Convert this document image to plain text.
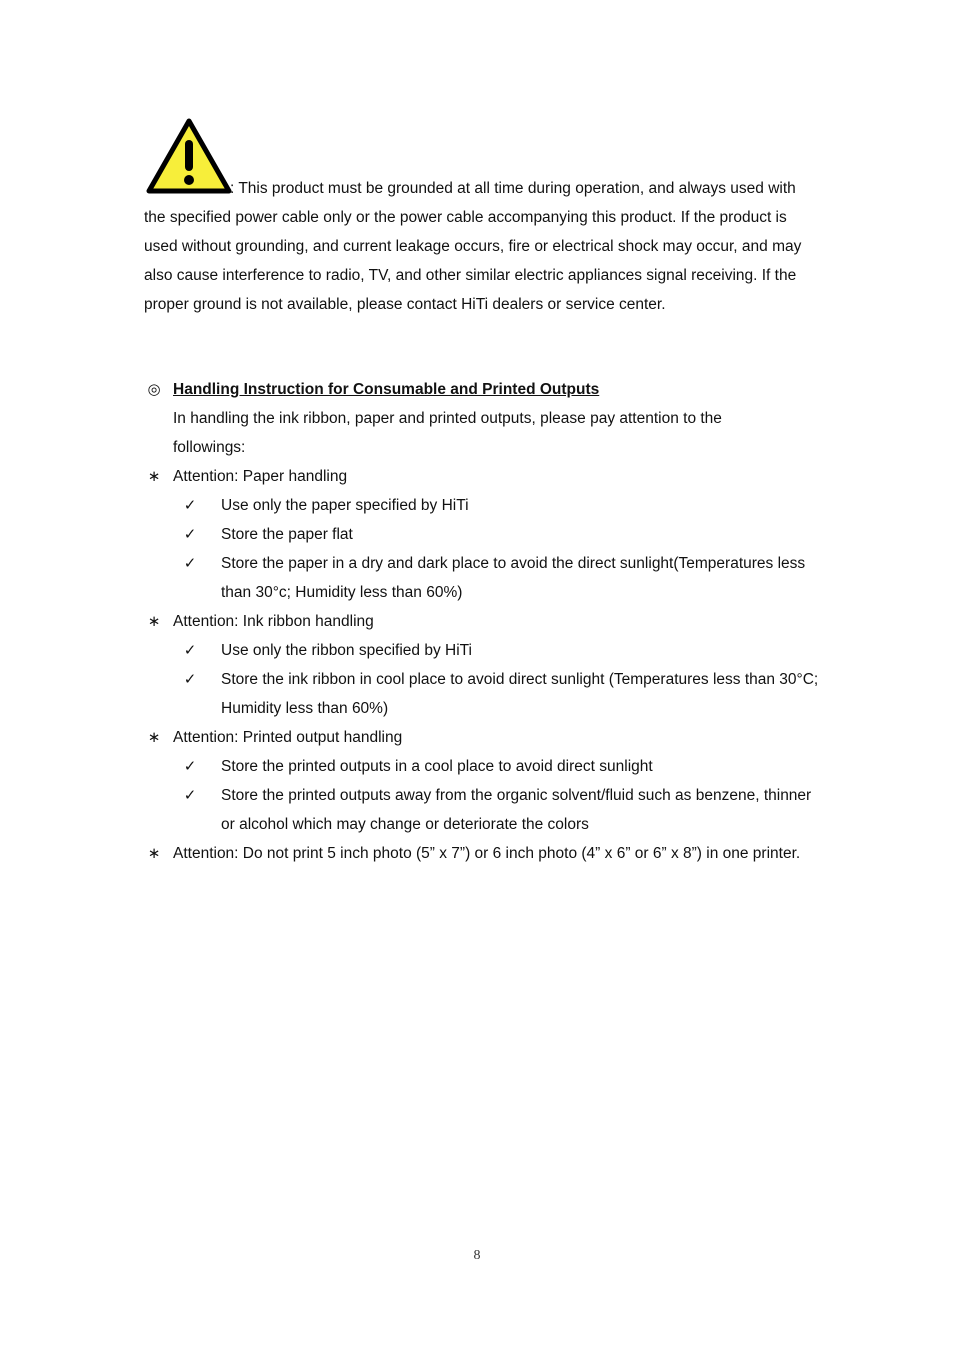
: This product must be grounded at all time during operation, and always used with the specified power cable only or the power cable accompanying this product. If the product is used without grounding, and current leakage occurs, fire or electrical shock may occur, and may also cause interference to radio, TV, and other similar electric appliances signal receiving. If the proper ground is not available, please contact HiTi dealers or service center.

◎ Handling Instruction for Consumable and Printed Outputs
In handling the ink ribbon, paper and printed outputs, please pay attention to the
followings:
∗ Attention: Paper handling
✓ Use only the paper specified by HiTi
✓ Store the paper flat
✓ Store the paper in a dry and dark place to avoid the direct sunlight(Temperatures less than 30°c; Humidity less than 60%)
∗ Attention: Ink ribbon handling
✓ Use only the ribbon specified by HiTi
✓ Store the ink ribbon in cool place to avoid direct sunlight (Temperatures less than 30°C; Humidity less than 60%)
∗ Attention: Printed output handling
✓ Store the printed outputs in a cool place to avoid direct sunlight
✓ Store the printed outputs away from the organic solvent/fluid such as benzene, thinner or alcohol which may change or deteriorate the colors
∗ Attention: Do not print 5 inch photo (5” x 7”) or 6 inch photo (4” x 6” or 6” x 8”) in one printer.
8
